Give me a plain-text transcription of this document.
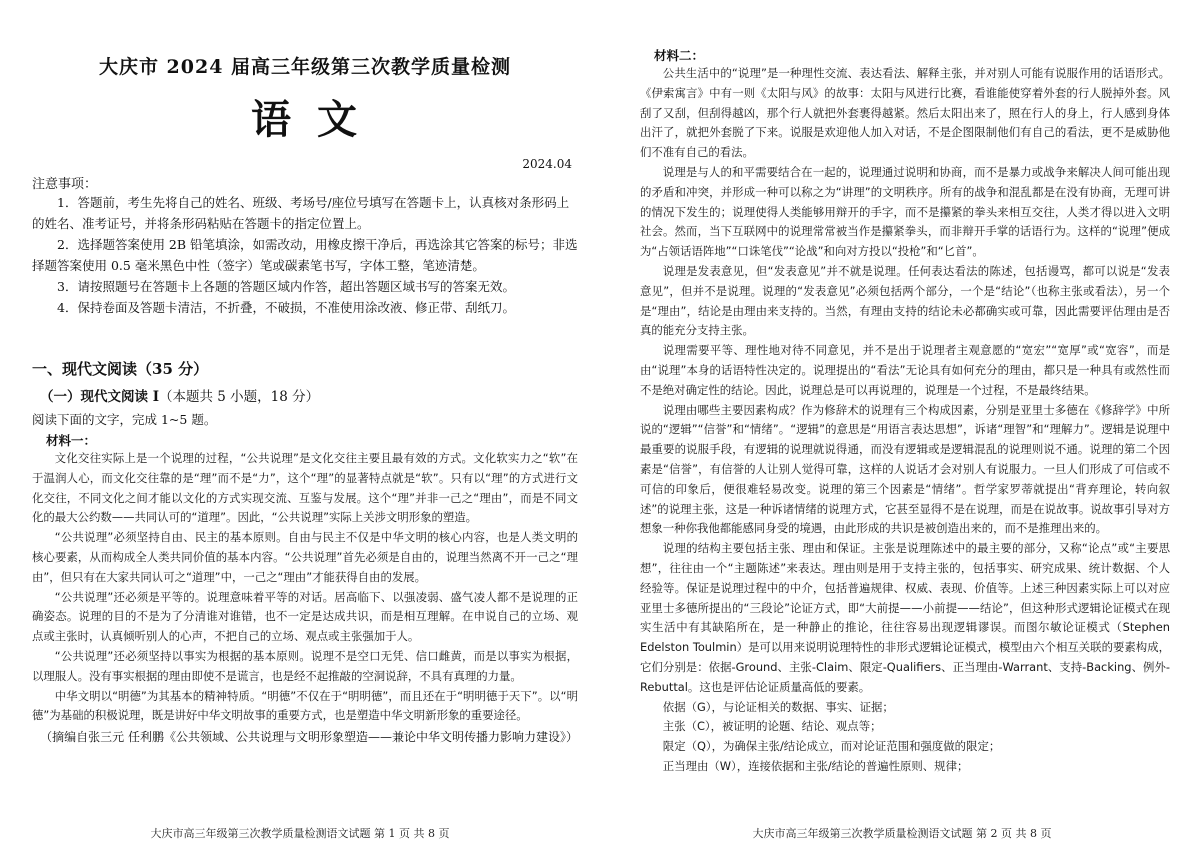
大庆市 2024 届高三年级第三次教学质量检测
语文
2024.04
注意事项：

1．答题前，考生先将自己的姓名、班级、考场号/座位号填写在答题卡上，认真核对条形码上的姓名、准考证号，并将条形码粘贴在答题卡的指定位置上。

2．选择题答案使用 2B 铅笔填涂，如需改动，用橡皮擦干净后，再选涂其它答案的标号；非选择题答案使用 0.5 毫米黑色中性（签字）笔或碳素笔书写，字体工整，笔迹清楚。

3．请按照题号在答题卡上各题的答题区域内作答，超出答题区域书写的答案无效。

4．保持卷面及答题卡清洁，不折叠，不破损，不准使用涂改液、修正带、刮纸刀。

一、现代文阅读（35 分）
（一）现代文阅读 I（本题共 5 小题，18 分）
阅读下面的文字，完成 1~5 题。
材料一：

文化交往实际上是一个说理的过程，“公共说理”是文化交往主要且最有效的方式。文化软实力之“软”在于温润人心，而文化交往靠的是“理”而不是“力”，这个“理”的显著特点就是“软”。只有以“理”的方式进行文化交往，不同文化之间才能以文化的方式实现交流、互鉴与发展。这个“理”并非一己之“理由”，而是不同文化的最大公约数——共同认可的“道理”。因此，“公共说理”实际上关涉文明形象的塑造。

“公共说理”必须坚持自由、民主的基本原则。自由与民主不仅是中华文明的核心内容，也是人类文明的核心要素，从而构成全人类共同价值的基本内容。“公共说理”首先必须是自由的，说理当然离不开一己之“理由”，但只有在大家共同认可之“道理”中，一己之“理由”才能获得自由的发展。

“公共说理”还必须是平等的。说理意味着平等的对话。居高临下、以强凌弱、盛气凌人都不是说理的正确姿态。说理的目的不是为了分清谁对谁错，也不一定是达成共识，而是相互理解。在申说自己的立场、观点或主张时，认真倾听别人的心声，不把自己的立场、观点或主张强加于人。

“公共说理”还必须坚持以事实为根据的基本原则。说理不是空口无凭、信口雌黄，而是以事实为根据，以理服人。没有事实根据的理由即使不是谎言，也是经不起推敲的空洞说辞，不具有真理的力量。

中华文明以“明德”为其基本的精神特质。“明德”不仅在于“明明德”，而且还在于“明明德于天下”。以“明德”为基础的积极说理，既是讲好中华文明故事的重要方式，也是塑造中华文明新形象的重要途径。

（摘编自张三元 任利鹏《公共领域、公共说理与文明形象塑造——兼论中华文明传播力影响力建设》）

大庆市高三年级第三次教学质量检测语文试题 第 1 页 共 8 页
材料二：

公共生活中的“说理”是一种理性交流、表达看法、解释主张，并对别人可能有说服作用的话语形式。《伊索寓言》中有一则《太阳与风》的故事：太阳与风进行比赛，看谁能使穿着外套的行人脱掉外套。风刮了又刮，但刮得越凶，那个行人就把外套裹得越紧。然后太阳出来了，照在行人的身上，行人感到身体出汗了，就把外套脱了下来。说服是欢迎他人加入对话，不是企图限制他们有自己的看法，更不是威胁他们不准有自己的看法。

说理是与人的和平需要结合在一起的，说理通过说明和协商，而不是暴力或战争来解决人间可能出现的矛盾和冲突，并形成一种可以称之为“讲理”的文明秩序。所有的战争和混乱都是在没有协商，无理可讲的情况下发生的；说理使得人类能够用辩开的手字，而不是攥紧的拳头来相互交往，人类才得以进入文明社会。然而，当下互联网中的说理常常被当作是攥紧拳头，而非辩开手掌的话语行为。这样的“说理”便成为“占领话语阵地”“口诛笔伐”“论战”和向对方投以“投枪”和“匕首”。

说理是发表意见，但“发表意见”并不就是说理。任何表达看法的陈述，包括谩骂，都可以说是“发表意见”，但并不是说理。说理的“发表意见”必须包括两个部分，一个是“结论”（也称主张或看法），另一个是“理由”，结论是由理由来支持的。当然，有理由支持的结论未必都确实或可靠，因此需要评估理由是否真的能充分支持主张。

说理需要平等、理性地对待不同意见，并不是出于说理者主观意愿的“宽宏”“宽厚”或“宽容”，而是由“说理”本身的话语特性决定的。说理提出的“看法”无论具有如何充分的理由，都只是一种具有或然性而不是绝对确定性的结论。因此，说理总是可以再说理的，说理是一个过程，不是最终结果。

说理由哪些主要因素构成？作为修辞术的说理有三个构成因素，分别是亚里士多德在《修辞学》中所说的“逻辑”“信誉”和“情绪”。“逻辑”的意思是“用语言表达思想”，诉诸“理智”和“理解力”。逻辑是说理中最重要的说服手段，有逻辑的说理就说得通，而没有逻辑或是逻辑混乱的说理则说不通。说理的第二个因素是“信誉”，有信誉的人让别人觉得可靠，这样的人说话才会对别人有说服力。一旦人们形成了可信或不可信的印象后，便很难轻易改变。说理的第三个因素是“情绪”。哲学家罗蒂就提出“背弃理论，转向叙述”的说理主张，这是一种诉诸情绪的说理方式，它甚至显得不是在说理，而是在说故事。说故事引导对方想象一种你我他都能感同身受的境遇，由此形成的共识是被创造出来的，而不是推理出来的。

说理的结构主要包括主张、理由和保证。主张是说理陈述中的最主要的部分，又称“论点”或“主要思想”，往往由一个“主题陈述”来表达。理由则是用于支持主张的，包括事实、研究成果、统计数据、个人经验等。保证是说理过程中的中介，包括普遍规律、权威、表现、价值等。上述三种因素实际上可以对应亚里士多德所提出的“三段论”论证方式，即“大前提——小前提——结论”，但这种形式逻辑论证模式在现实生活中有其缺陷所在，是一种静止的推论，往往容易出现逻辑谬误。而图尔敏论证模式（Stephen Edelston Toulmin）是可以用来说明说理特性的非形式逻辑论证模式，模型由六个相互关联的要素构成，它们分别是：依据-Ground、主张-Claim、限定-Qualifiers、正当理由-Warrant、支持-Backing、例外-Rebuttal。这也是评估论证质量高低的要素。

依据（G），与论证相关的数据、事实、证据；

主张（C），被证明的论题、结论、观点等；

限定（Q），为确保主张/结论成立，而对论证范围和强度做的限定；

正当理由（W），连接依据和主张/结论的普遍性原则、规律；

大庆市高三年级第三次教学质量检测语文试题 第 2 页 共 8 页
